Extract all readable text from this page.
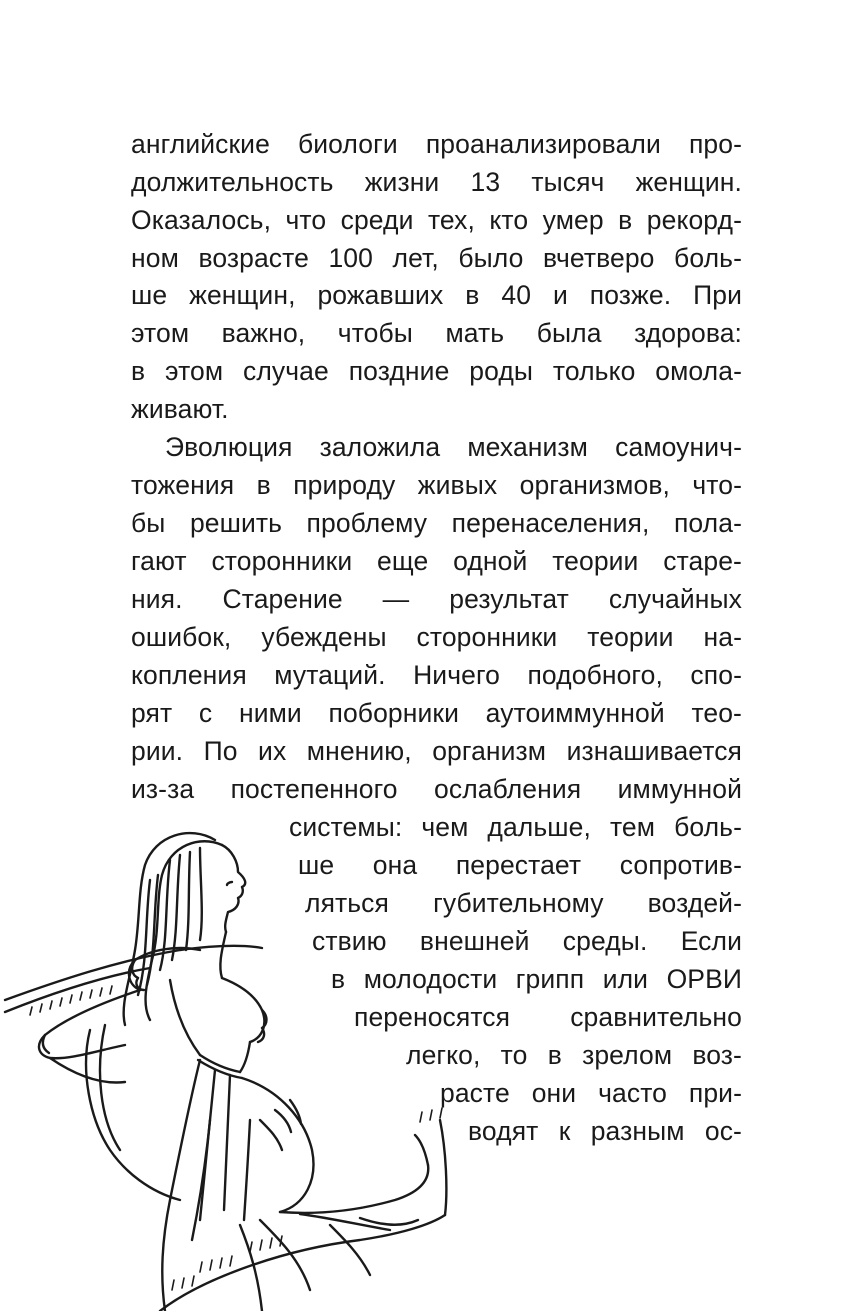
английские биологи проанализировали про-
должительность жизни 13 тысяч женщин.
Оказалось, что среди тех, кто умер в рекорд-
ном возрасте 100 лет, было вчетверо боль-
ше женщин, рожавших в 40 и позже. При
этом важно, чтобы мать была здорова:
в этом случае поздние роды только омола-
живают.
Эволюция заложила механизм самоунич-
тожения в природу живых организмов, что-
бы решить проблему перенаселения, пола-
гают сторонники еще одной теории старе-
ния. Старение — результат случайных
ошибок, убеждены сторонники теории на-
копления мутаций. Ничего подобного, спо-
рят с ними поборники аутоиммунной тео-
рии. По их мнению, организм изнашивается
из-за постепенного ослабления иммунной
системы: чем дальше, тем боль-
ше она перестает сопротив-
ляться губительному воздей-
ствию внешней среды. Если
в молодости грипп или ОРВИ
переносятся сравнительно
легко, то в зрелом воз-
расте они часто при-
водят к разным ос-
